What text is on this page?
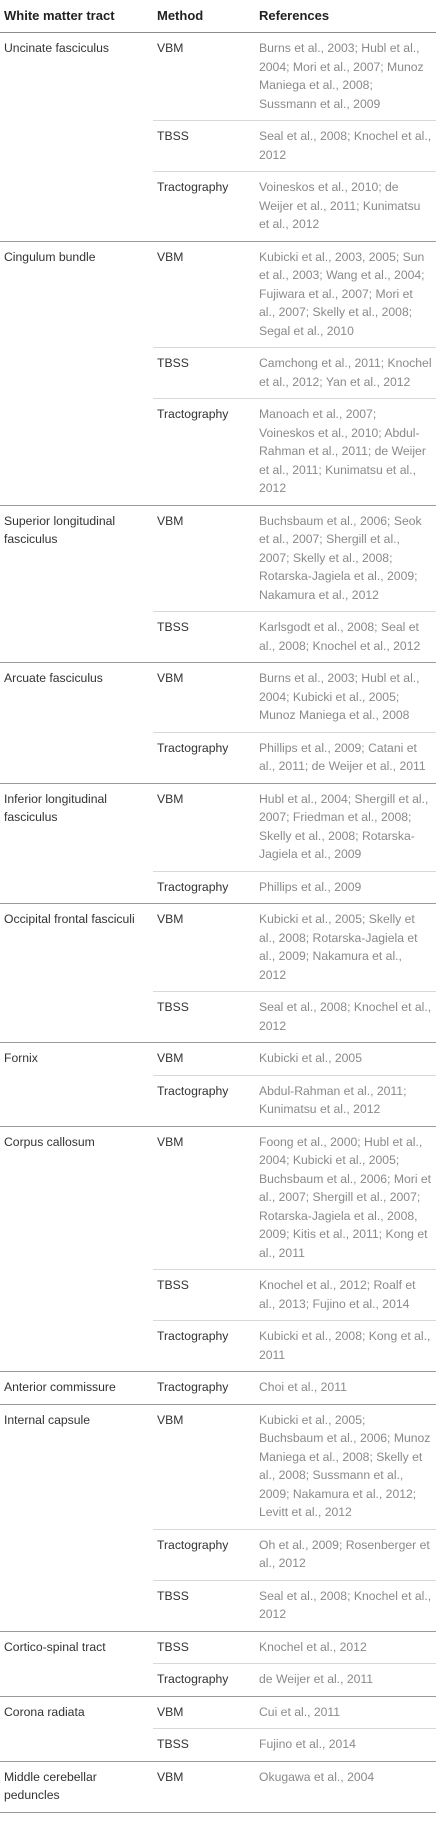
White matter tract	Method	References
Uncinate fasciculus	VBM	Burns et al., 2003; Hubl et al., 2004; Mori et al., 2007; Munoz Maniega et al., 2008; Sussmann et al., 2009
	TBSS	Seal et al., 2008; Knochel et al., 2012
	Tractography	Voineskos et al., 2010; de Weijer et al., 2011; Kunimatsu et al., 2012
Cingulum bundle	VBM	Kubicki et al., 2003, 2005; Sun et al., 2003; Wang et al., 2004; Fujiwara et al., 2007; Mori et al., 2007; Skelly et al., 2008; Segal et al., 2010
	TBSS	Camchong et al., 2011; Knochel et al., 2012; Yan et al., 2012
	Tractography	Manoach et al., 2007; Voineskos et al., 2010; Abdul-Rahman et al., 2011; de Weijer et al., 2011; Kunimatsu et al., 2012
Superior longitudinal fasciculus	VBM	Buchsbaum et al., 2006; Seok et al., 2007; Shergill et al., 2007; Skelly et al., 2008; Rotarska-Jagiela et al., 2009; Nakamura et al., 2012
	TBSS	Karlsgodt et al., 2008; Seal et al., 2008; Knochel et al., 2012
Arcuate fasciculus	VBM	Burns et al., 2003; Hubl et al., 2004; Kubicki et al., 2005; Munoz Maniega et al., 2008
	Tractography	Phillips et al., 2009; Catani et al., 2011; de Weijer et al., 2011
Inferior longitudinal fasciculus	VBM	Hubl et al., 2004; Shergill et al., 2007; Friedman et al., 2008; Skelly et al., 2008; Rotarska-Jagiela et al., 2009
	Tractography	Phillips et al., 2009
Occipital frontal fasciculi	VBM	Kubicki et al., 2005; Skelly et al., 2008; Rotarska-Jagiela et al., 2009; Nakamura et al., 2012
	TBSS	Seal et al., 2008; Knochel et al., 2012
Fornix	VBM	Kubicki et al., 2005
	Tractography	Abdul-Rahman et al., 2011; Kunimatsu et al., 2012
Corpus callosum	VBM	Foong et al., 2000; Hubl et al., 2004; Kubicki et al., 2005; Buchsbaum et al., 2006; Mori et al., 2007; Shergill et al., 2007; Rotarska-Jagiela et al., 2008, 2009; Kitis et al., 2011; Kong et al., 2011
	TBSS	Knochel et al., 2012; Roalf et al., 2013; Fujino et al., 2014
	Tractography	Kubicki et al., 2008; Kong et al., 2011
Anterior commissure	Tractography	Choi et al., 2011
Internal capsule	VBM	Kubicki et al., 2005; Buchsbaum et al., 2006; Munoz Maniega et al., 2008; Skelly et al., 2008; Sussmann et al., 2009; Nakamura et al., 2012; Levitt et al., 2012
	Tractography	Oh et al., 2009; Rosenberger et al., 2012
	TBSS	Seal et al., 2008; Knochel et al., 2012
Cortico-spinal tract	TBSS	Knochel et al., 2012
	Tractography	de Weijer et al., 2011
Corona radiata	VBM	Cui et al., 2011
	TBSS	Fujino et al., 2014
Middle cerebellar peduncles	VBM	Okugawa et al., 2004
